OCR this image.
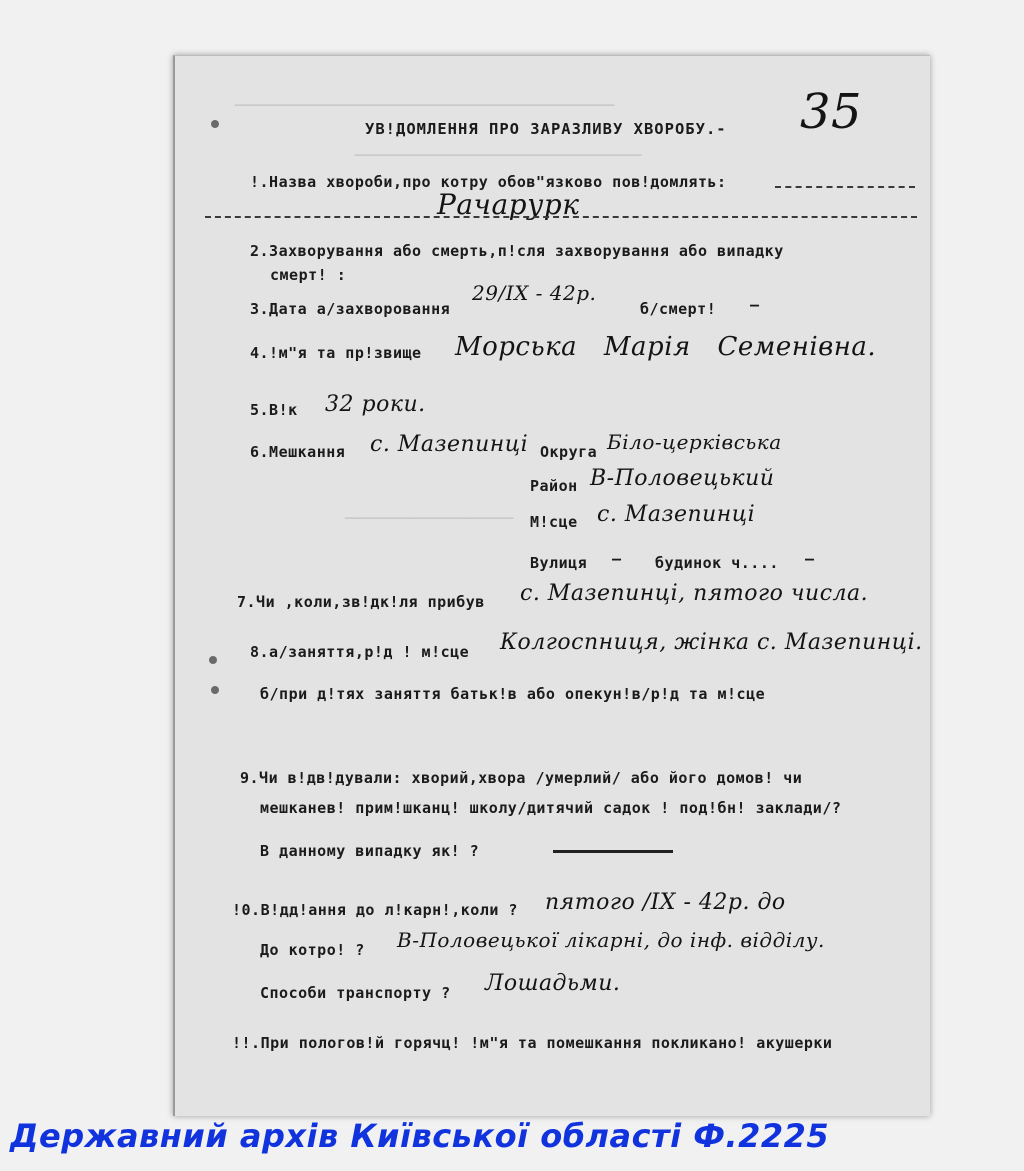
─────────────────────────────────────────────
──────────────────────────────────
────────────────────
35
УВ!ДОМЛЕННЯ ПРО ЗАРАЗЛИВУ ХВОРОБУ.-
!.Назва хвороби,про котру обов"язково пов!домлять:
Рачарурк
2.Захворування або смерть,п!сля захворування або випадку
смерт! :
3.Дата а/захворовання
29/IX - 42р.
б/смерт! —
4.!м"я та пр!звище Морська Марія Семенівна.
5.В!к 32 роки.
6.Мешкання с. Мазепинці Округа Біло-церківська
Район В-Половецький
М!сце с. Мазепинці
Вулиця — будинок ч.... —
7.Чи ,коли,зв!дк!ля прибув с. Мазепинці, пятого числа.
8.а/заняття,р!д ! м!сце Колгоспниця, жінка с. Мазепинці.
б/при д!тях заняття батьк!в або опекун!в/р!д та м!сце
9.Чи в!дв!дували: хворий,хвора /умерлий/ або його домов! чи
мешканев! прим!шканц! школу/дитячий садок ! под!бн! заклади/?
В данному випадку як! ?
!0.В!дд!ання до л!карн!,коли ? пятого /IX - 42р. до
До котро! ? В-Половецької лікарні, до інф. відділу.
Способи транспорту ? Лошадьми.
!!.При пологов!й горячц! !м"я та помешкання покликано! акушерки
Державний архів Київської області Ф.2225
